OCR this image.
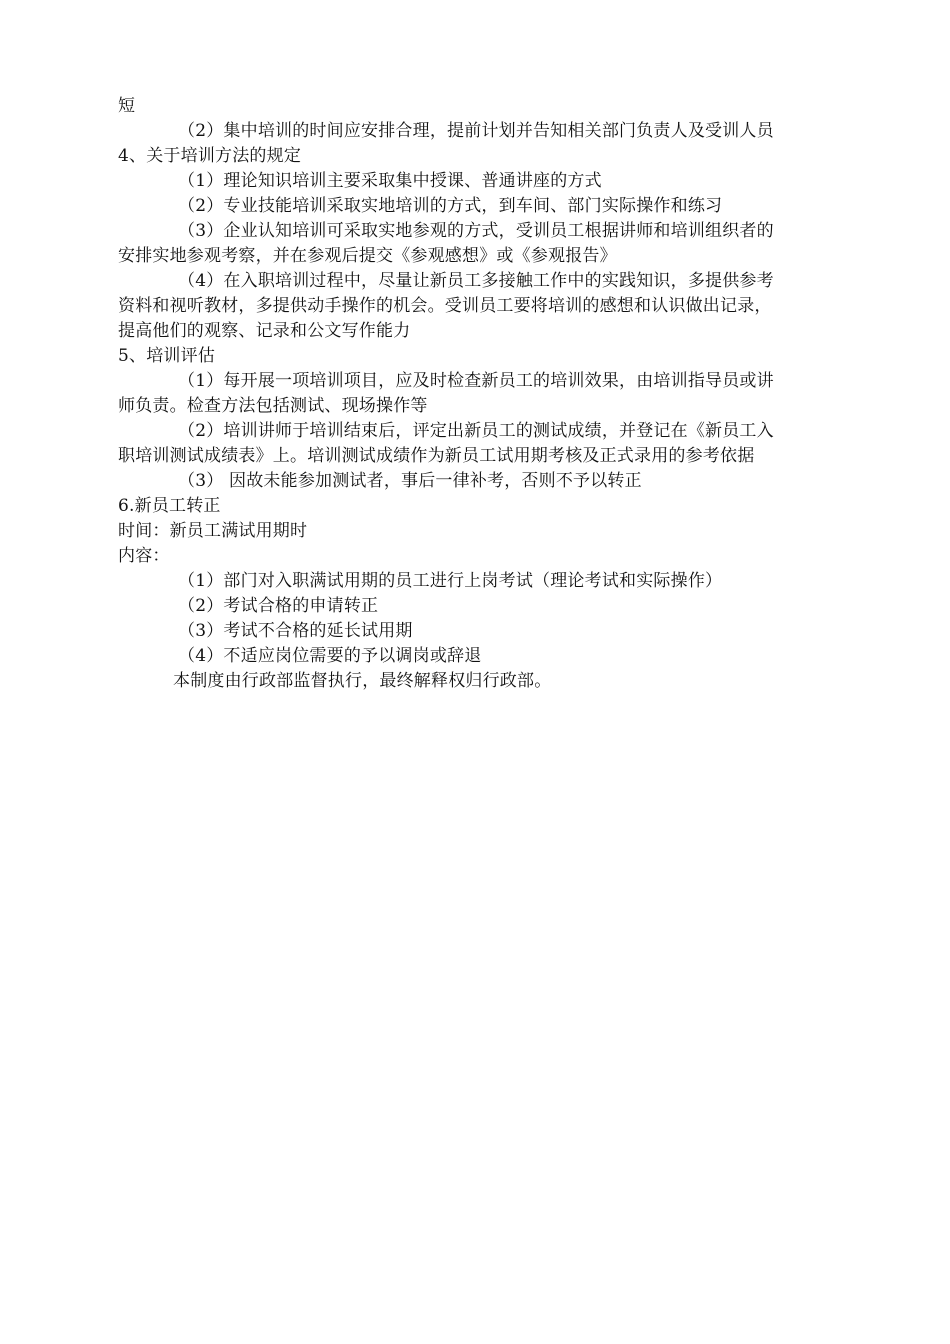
短
（2）集中培训的时间应安排合理，提前计划并告知相关部门负责人及受训人员
4、关于培训方法的规定
（1）理论知识培训主要采取集中授课、普通讲座的方式
（2）专业技能培训采取实地培训的方式，到车间、部门实际操作和练习
（3）企业认知培训可采取实地参观的方式，受训员工根据讲师和培训组织者的
安排实地参观考察，并在参观后提交《参观感想》或《参观报告》
（4）在入职培训过程中，尽量让新员工多接触工作中的实践知识，多提供参考
资料和视听教材，多提供动手操作的机会。受训员工要将培训的感想和认识做出记录，
提高他们的观察、记录和公文写作能力
5、培训评估
（1）每开展一项培训项目，应及时检查新员工的培训效果，由培训指导员或讲
师负责。检查方法包括测试、现场操作等
（2）培训讲师于培训结束后，评定出新员工的测试成绩，并登记在《新员工入
职培训测试成绩表》上。培训测试成绩作为新员工试用期考核及正式录用的参考依据
（3） 因故未能参加测试者，事后一律补考，否则不予以转正
6.新员工转正
时间：新员工满试用期时
内容：
（1）部门对入职满试用期的员工进行上岗考试（理论考试和实际操作）
（2）考试合格的申请转正
（3）考试不合格的延长试用期
（4）不适应岗位需要的予以调岗或辞退
本制度由行政部监督执行，最终解释权归行政部。
